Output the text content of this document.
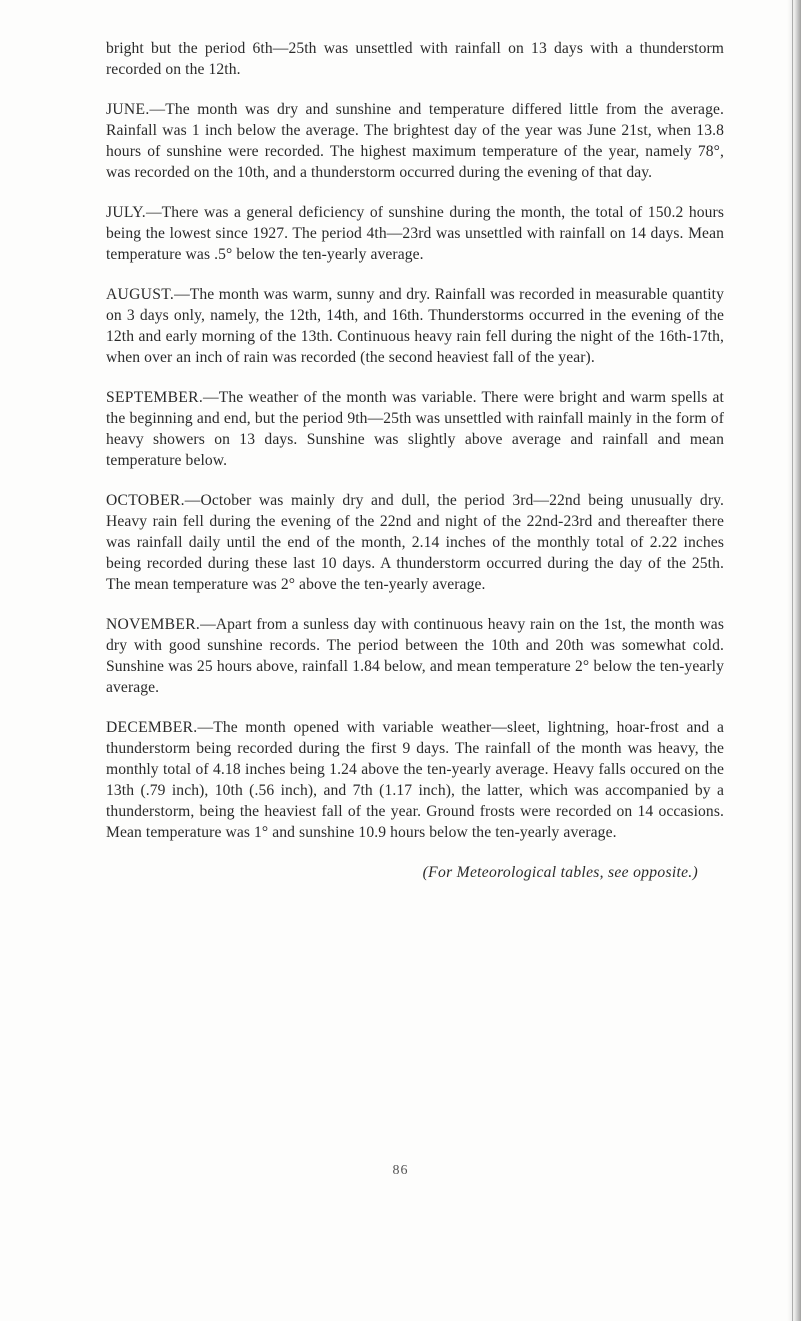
bright but the period 6th—25th was unsettled with rainfall on 13 days with a thunderstorm recorded on the 12th.

JUNE.—The month was dry and sunshine and temperature differed little from the average. Rainfall was 1 inch below the average. The brightest day of the year was June 21st, when 13.8 hours of sunshine were recorded. The highest maximum temperature of the year, namely 78°, was recorded on the 10th, and a thunderstorm occurred during the evening of that day.

JULY.—There was a general deficiency of sunshine during the month, the total of 150.2 hours being the lowest since 1927. The period 4th—23rd was unsettled with rainfall on 14 days. Mean temperature was .5° below the ten-yearly average.

AUGUST.—The month was warm, sunny and dry. Rainfall was recorded in measurable quantity on 3 days only, namely, the 12th, 14th, and 16th. Thunderstorms occurred in the evening of the 12th and early morning of the 13th. Continuous heavy rain fell during the night of the 16th-17th, when over an inch of rain was recorded (the second heaviest fall of the year).

SEPTEMBER.—The weather of the month was variable. There were bright and warm spells at the beginning and end, but the period 9th—25th was unsettled with rainfall mainly in the form of heavy showers on 13 days. Sunshine was slightly above average and rainfall and mean temperature below.

OCTOBER.—October was mainly dry and dull, the period 3rd—22nd being unusually dry. Heavy rain fell during the evening of the 22nd and night of the 22nd-23rd and thereafter there was rainfall daily until the end of the month, 2.14 inches of the monthly total of 2.22 inches being recorded during these last 10 days. A thunderstorm occurred during the day of the 25th. The mean temperature was 2° above the ten-yearly average.

NOVEMBER.—Apart from a sunless day with continuous heavy rain on the 1st, the month was dry with good sunshine records. The period between the 10th and 20th was somewhat cold. Sunshine was 25 hours above, rainfall 1.84 below, and mean temperature 2° below the ten-yearly average.

DECEMBER.—The month opened with variable weather—sleet, lightning, hoar-frost and a thunderstorm being recorded during the first 9 days. The rainfall of the month was heavy, the monthly total of 4.18 inches being 1.24 above the ten-yearly average. Heavy falls occured on the 13th (.79 inch), 10th (.56 inch), and 7th (1.17 inch), the latter, which was accompanied by a thunderstorm, being the heaviest fall of the year. Ground frosts were recorded on 14 occasions. Mean temperature was 1° and sunshine 10.9 hours below the ten-yearly average.

(For Meteorological tables, see opposite.)

86
